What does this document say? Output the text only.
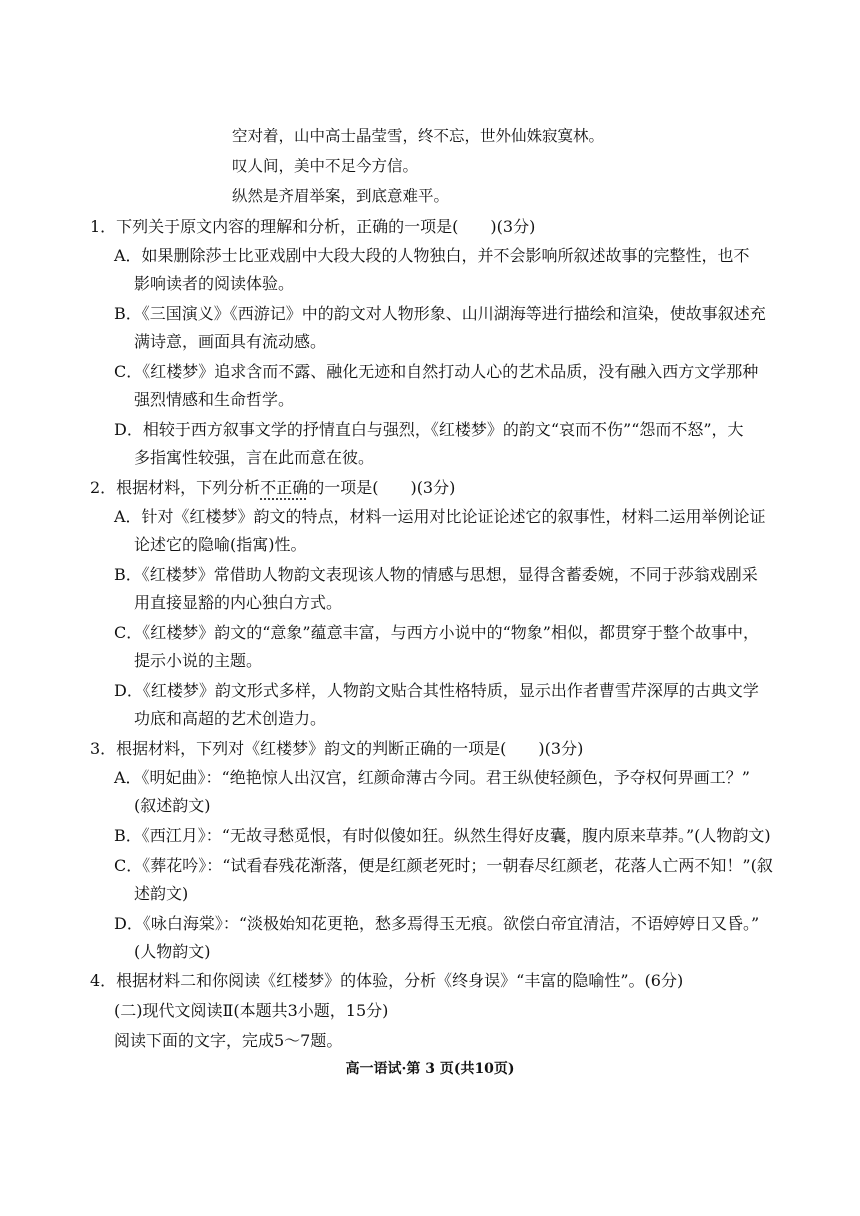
空对着，山中高士晶莹雪，终不忘，世外仙姝寂寞林。
叹人间，美中不足今方信。
纵然是齐眉举案，到底意难平。
1．下列关于原文内容的理解和分析，正确的一项是(　　)(3分)
A．如果删除莎士比亚戏剧中大段大段的人物独白，并不会影响所叙述故事的完整性，也不
影响读者的阅读体验。
B．《三国演义》《西游记》中的韵文对人物形象、山川湖海等进行描绘和渲染，使故事叙述充
满诗意，画面具有流动感。
C．《红楼梦》追求含而不露、融化无迹和自然打动人心的艺术品质，没有融入西方文学那种
强烈情感和生命哲学。
D．相较于西方叙事文学的抒情直白与强烈，《红楼梦》的韵文“哀而不伤”“怨而不怒”，大
多指寓性较强，言在此而意在彼。
2．根据材料，下列分析不正确的一项是(　　)(3分)
A．针对《红楼梦》韵文的特点，材料一运用对比论证论述它的叙事性，材料二运用举例论证
论述它的隐喻(指寓)性。
B．《红楼梦》常借助人物韵文表现该人物的情感与思想，显得含蓄委婉，不同于莎翁戏剧采
用直接显豁的内心独白方式。
C．《红楼梦》韵文的“意象”蕴意丰富，与西方小说中的“物象”相似，都贯穿于整个故事中，
提示小说的主题。
D．《红楼梦》韵文形式多样，人物韵文贴合其性格特质，显示出作者曹雪芹深厚的古典文学
功底和高超的艺术创造力。
3．根据材料，下列对《红楼梦》韵文的判断正确的一项是(　　)(3分)
A．《明妃曲》：“绝艳惊人出汉宫，红颜命薄古今同。君王纵使轻颜色，予夺权何畀画工？”
(叙述韵文)
B．《西江月》：“无故寻愁觅恨，有时似傻如狂。纵然生得好皮囊，腹内原来草莽。”(人物韵文)
C．《葬花吟》：“试看春残花渐落，便是红颜老死时；一朝春尽红颜老，花落人亡两不知！”(叙
述韵文)
D．《咏白海棠》：“淡极始知花更艳，愁多焉得玉无痕。欲偿白帝宜清洁，不语婷婷日又昏。”
(人物韵文)
4．根据材料二和你阅读《红楼梦》的体验，分析《终身误》“丰富的隐喻性”。(6分)
(二)现代文阅读Ⅱ(本题共3小题，15分)
阅读下面的文字，完成5～7题。
高一语试·第 3 页(共10页)
